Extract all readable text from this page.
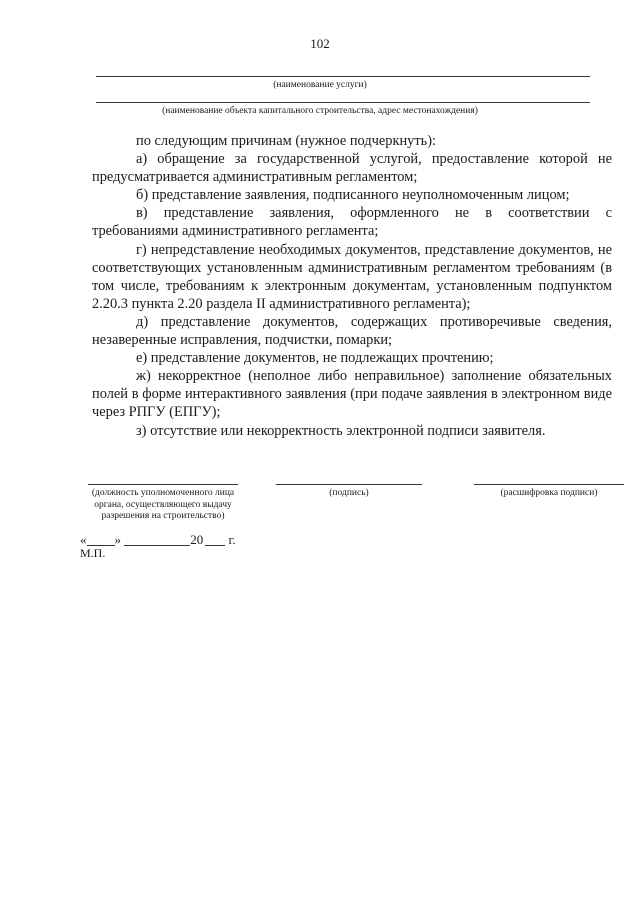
102
(наименование услуги)
(наименование объекта капитального строительства, адрес местонахождения)

по следующим причинам (нужное подчеркнуть):

а) обращение за государственной услугой, предоставление которой не предусматривается административным регламентом;

б) представление заявления, подписанного неуполномоченным лицом;

в) представление заявления, оформленного не в соответствии с требованиями административного регламента;

г) непредставление необходимых документов, представление документов, не соответствующих установленным административным регламентом требованиям (в том числе, требованиям к электронным документам, установленным подпунктом 2.20.3 пункта 2.20 раздела II административного регламента);

д) представление документов, содержащих противоречивые сведения, незаверенные исправления, подчистки, помарки;

е) представление документов, не подлежащих прочтению;

ж) некорректное (неполное либо неправильное) заполнение обязательных полей в форме интерактивного заявления (при подаче заявления в электронном виде через РПГУ (ЕПГУ);

з) отсутствие или некорректность электронной подписи заявителя.

(должность уполномоченного лица органа, осуществляющего выдачу разрешения на строительство)
(подпись)	(расшифровка подписи)
« »	20 г.
М.П.
